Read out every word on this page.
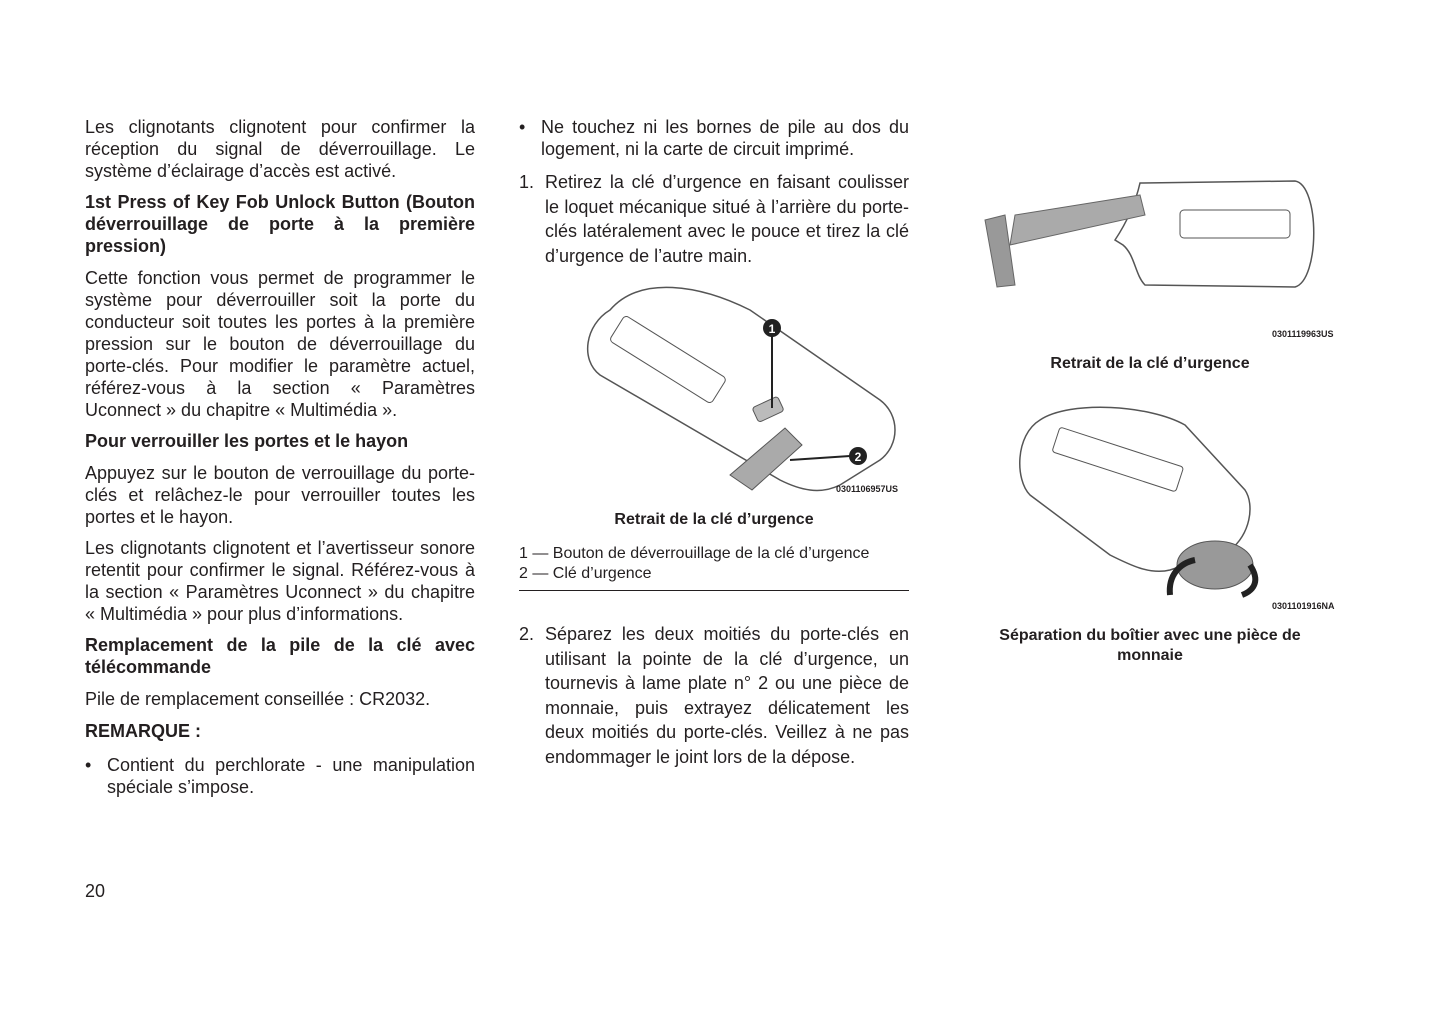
Les clignotants clignotent pour confirmer la réception du signal de déverrouillage. Le système d’éclairage d’accès est activé.

1st Press of Key Fob Unlock Button (Bouton déverrouillage de porte à la première pression)

Cette fonction vous permet de programmer le système pour déverrouiller soit la porte du conducteur soit toutes les portes à la première pression sur le bouton de déverrouillage du porte-clés. Pour modifier le paramètre actuel, référez-vous à la section « Paramètres Uconnect » du chapitre « Multimédia ».

Pour verrouiller les portes et le hayon

Appuyez sur le bouton de verrouillage du porte-clés et relâchez-le pour verrouiller toutes les portes et le hayon.

Les clignotants clignotent et l’avertisseur sonore retentit pour confirmer le signal. Référez-vous à la section « Paramètres Uconnect » du chapitre « Multimédia » pour plus d’informations.

Remplacement de la pile de la clé avec télécommande

Pile de remplacement conseillée : CR2032.

REMARQUE :

• Contient du perchlorate - une manipulation spéciale s’impose.
20
• Ne touchez ni les bornes de pile au dos du logement, ni la carte de circuit imprimé.
1. Retirez la clé d’urgence en faisant coulisser le loquet mécanique situé à l’arrière du porte-clés latéralement avec le pouce et tirez la clé d’urgence de l’autre main.
1
2
0301106957US
Retrait de la clé d’urgence
1 — Bouton de déverrouillage de la clé d’urgence
2 — Clé d’urgence
2. Séparez les deux moitiés du porte-clés en utilisant la pointe de la clé d’urgence, un tournevis à lame plate n° 2 ou une pièce de monnaie, puis extrayez délicatement les deux moitiés du porte-clés. Veillez à ne pas endommager le joint lors de la dépose.
0301119963US
Retrait de la clé d’urgence
0301101916NA
Séparation du boîtier avec une pièce de monnaie
